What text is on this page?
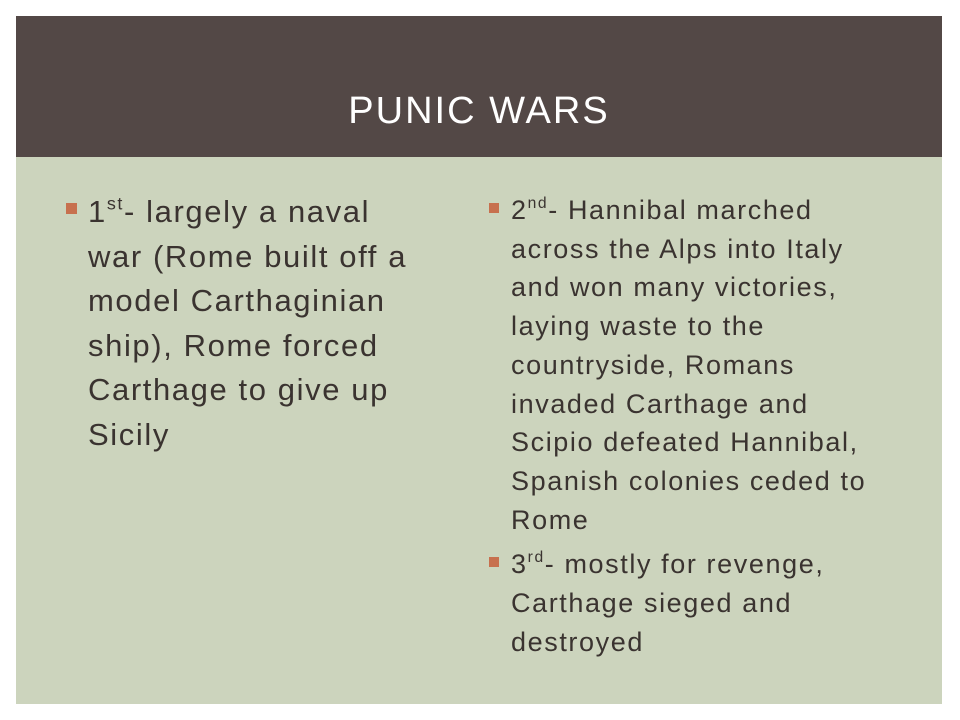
PUNIC WARS
1st- largely a naval war (Rome built off a model Carthaginian ship), Rome forced Carthage to give up Sicily
2nd- Hannibal marched across the Alps into Italy and won many victories, laying waste to the countryside, Romans invaded Carthage and Scipio defeated Hannibal, Spanish colonies ceded to Rome
3rd- mostly for revenge, Carthage sieged and destroyed
